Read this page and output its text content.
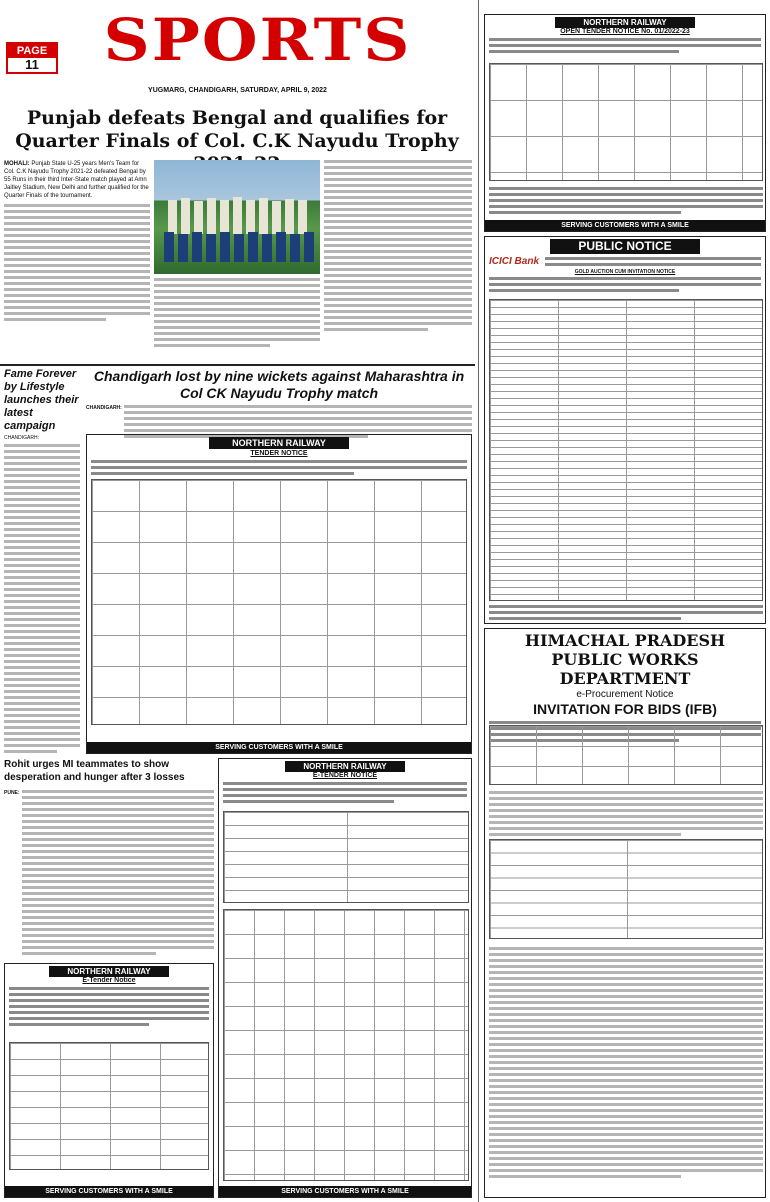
SPORTS
PAGE
11
YUGMARG, CHANDIGARH, SATURDAY, APRIL 9, 2022
Punjab defeats Bengal and qualifies for Quarter Finals of Col. C.K Nayudu Trophy
MOHALI: Punjab State U-25 years Men's Team for Col. C.K Nayudu Trophy 2021-22 defeated Bengal by 55 Runs in their third Inter-State match played at Amn Jaitley Stadium, New Delhi and further qualified for the Quarter Finals of the tournament.
Fame Forever by Lifestyle launches their latest campaign
CHANDIGARH:
Chandigarh lost by nine wickets against Maharashtra in Col CK Nayudu Trophy match
CHANDIGARH:
NORTHERN RAILWAY
TENDER NOTICE
SERVING CUSTOMERS WITH A SMILE
Rohit urges MI teammates to show desperation and hunger after 3 losses
PUNE:
NORTHERN RAILWAY
E-Tender Notice
SERVING CUSTOMERS WITH A SMILE
NORTHERN RAILWAY
E-TENDER NOTICE
SERVING CUSTOMERS WITH A SMILE
NORTHERN RAILWAY
OPEN TENDER NOTICE No. 01/2022-23
SERVING CUSTOMERS WITH A SMILE
PUBLIC NOTICE
ICICI Bank
GOLD AUCTION CUM INVITATION NOTICE
HIMACHAL PRADESH
PUBLIC WORKS DEPARTMENT
e-Procurement Notice
INVITATION FOR BIDS (IFB)
